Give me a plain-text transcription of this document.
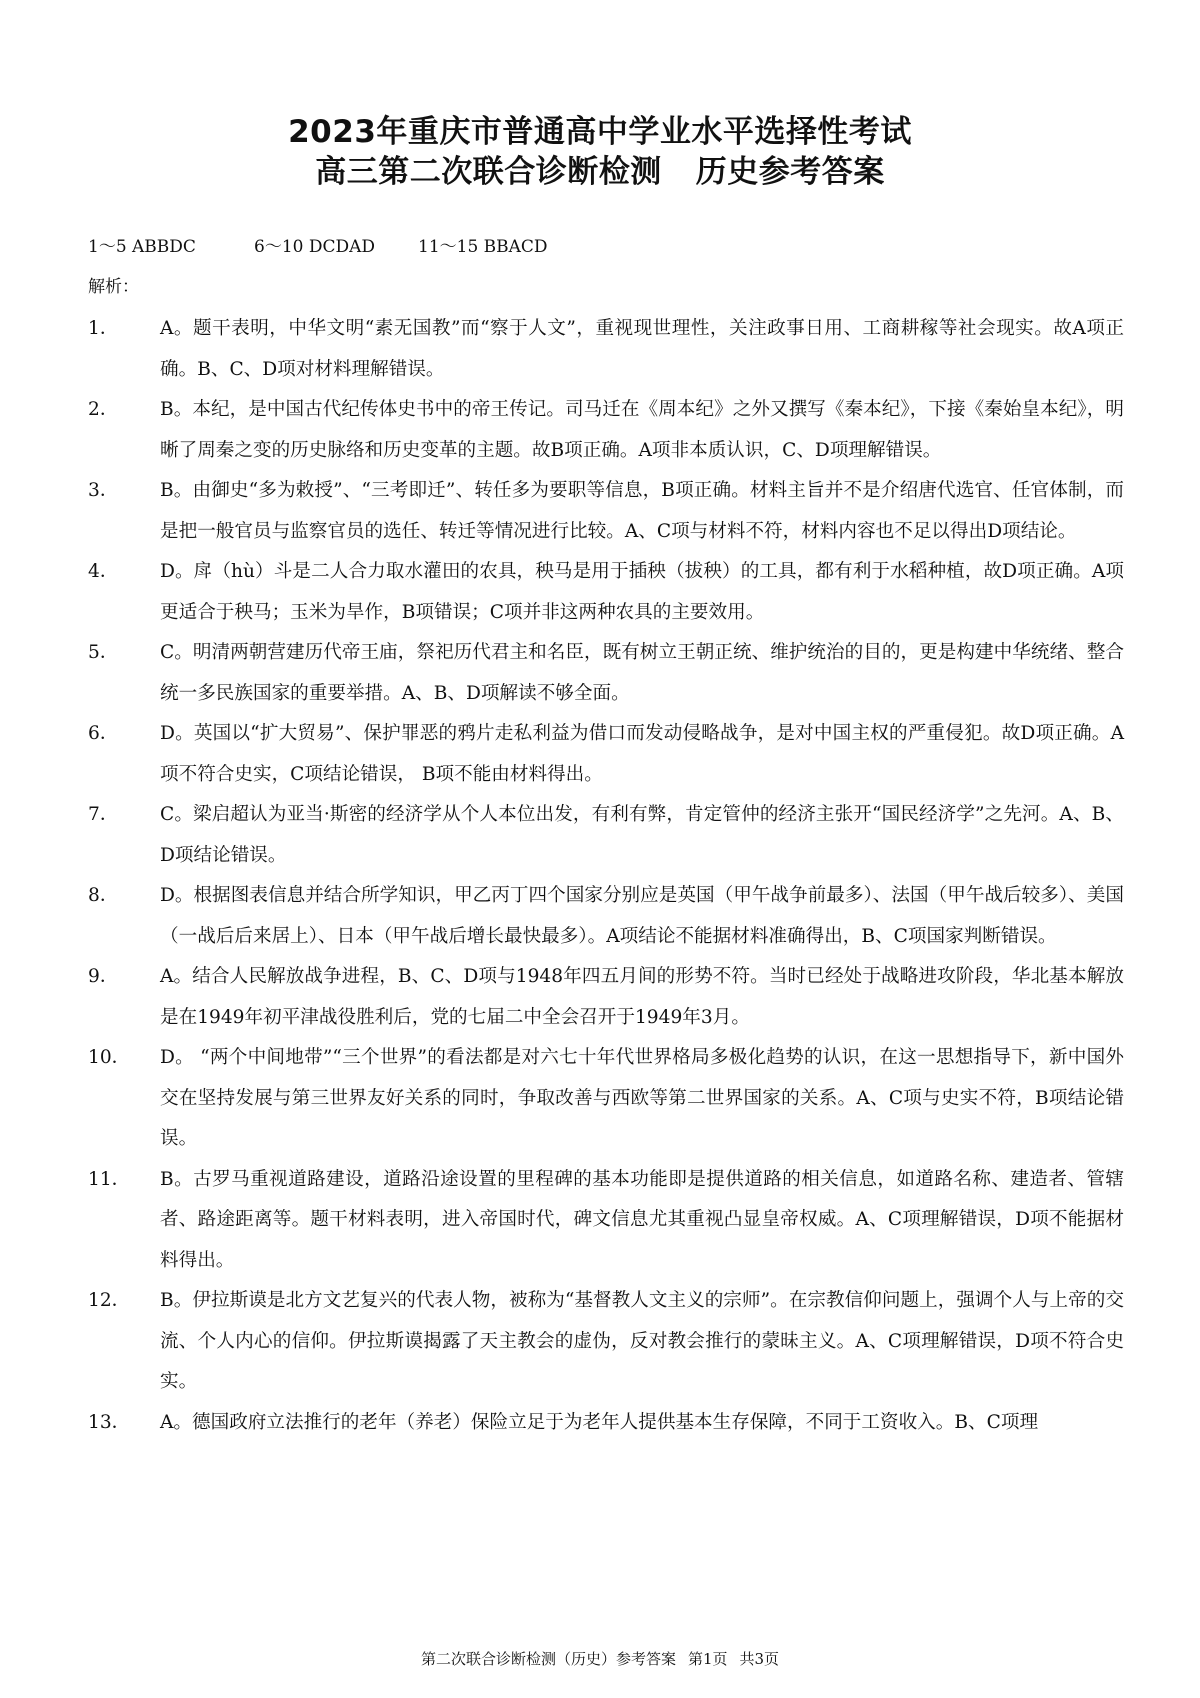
2023年重庆市普通高中学业水平选择性考试
高三第二次联合诊断检测 历史参考答案
1～5 ABBDC	6～10 DCDAD	11～15 BBACD
解析：
1．	A。题干表明，中华文明“素无国教”而“察于人文”，重视现世理性，关注政事日用、工商耕稼等社会现实。故A项正确。B、C、D项对材料理解错误。
2．	B。本纪，是中国古代纪传体史书中的帝王传记。司马迁在《周本纪》之外又撰写《秦本纪》，下接《秦始皇本纪》，明晰了周秦之变的历史脉络和历史变革的主题。故B项正确。A项非本质认识，C、D项理解错误。
3．	B。由御史“多为敕授”、“三考即迁”、转任多为要职等信息，B项正确。材料主旨并不是介绍唐代选官、任官体制，而是把一般官员与监察官员的选任、转迁等情况进行比较。A、C项与材料不符，材料内容也不足以得出D项结论。
4．	D。戽（hù）斗是二人合力取水灌田的农具，秧马是用于插秧（拔秧）的工具，都有利于水稻种植，故D项正确。A项更适合于秧马；玉米为旱作，B项错误；C项并非这两种农具的主要效用。
5．	C。明清两朝营建历代帝王庙，祭祀历代君主和名臣，既有树立王朝正统、维护统治的目的，更是构建中华统绪、整合统一多民族国家的重要举措。A、B、D项解读不够全面。
6．	D。英国以“扩大贸易”、保护罪恶的鸦片走私利益为借口而发动侵略战争，是对中国主权的严重侵犯。故D项正确。A项不符合史实，C项结论错误， B项不能由材料得出。
7．	C。梁启超认为亚当·斯密的经济学从个人本位出发，有利有弊，肯定管仲的经济主张开“国民经济学”之先河。A、B、D项结论错误。
8．	D。根据图表信息并结合所学知识，甲乙丙丁四个国家分别应是英国（甲午战争前最多）、法国（甲午战后较多）、美国（一战后后来居上）、日本（甲午战后增长最快最多）。A项结论不能据材料准确得出，B、C项国家判断错误。
9．	A。结合人民解放战争进程，B、C、D项与1948年四五月间的形势不符。当时已经处于战略进攻阶段，华北基本解放是在1949年初平津战役胜利后，党的七届二中全会召开于1949年3月。
10．	D。 “两个中间地带”“三个世界”的看法都是对六七十年代世界格局多极化趋势的认识，在这一思想指导下，新中国外交在坚持发展与第三世界友好关系的同时，争取改善与西欧等第二世界国家的关系。A、C项与史实不符，B项结论错误。
11．	B。古罗马重视道路建设，道路沿途设置的里程碑的基本功能即是提供道路的相关信息，如道路名称、建造者、管辖者、路途距离等。题干材料表明，进入帝国时代，碑文信息尤其重视凸显皇帝权威。A、C项理解错误，D项不能据材料得出。
12．	B。伊拉斯谟是北方文艺复兴的代表人物，被称为“基督教人文主义的宗师”。在宗教信仰问题上，强调个人与上帝的交流、个人内心的信仰。伊拉斯谟揭露了天主教会的虚伪，反对教会推行的蒙昧主义。A、C项理解错误，D项不符合史实。
13．	A。德国政府立法推行的老年（养老）保险立足于为老年人提供基本生存保障，不同于工资收入。B、C项理
第二次联合诊断检测（历史）参考答案 第1页 共3页
